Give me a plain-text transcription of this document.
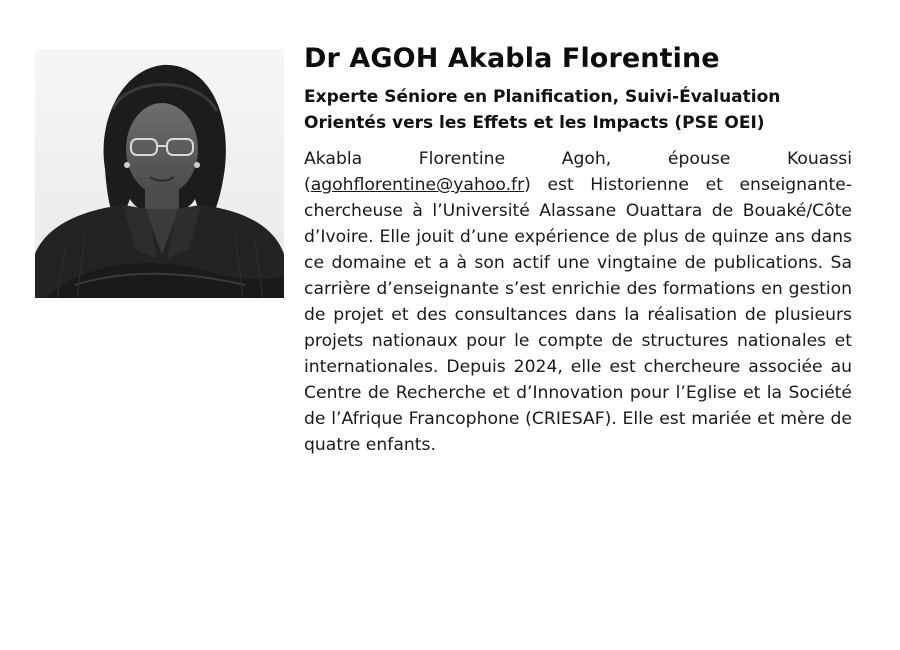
Dr AGOH Akabla Florentine
Experte Séniore en Planification, Suivi-Évaluation
Orientés vers les Effets et les Impacts (PSE OEI)

Akabla Florentine Agoh, épouse Kouassi (agohflorentine@yahoo.fr) est Historienne et enseignante-chercheuse à l’Université Alassane Ouattara de Bouaké/Côte d’Ivoire. Elle jouit d’une expérience de plus de quinze ans dans ce domaine et a à son actif une vingtaine de publications. Sa carrière d’enseignante s’est enrichie des formations en gestion de projet et des consultances dans la réalisation de plusieurs projets nationaux pour le compte de structures nationales et internationales. Depuis 2024, elle est chercheure associée au Centre de Recherche et d’Innovation pour l’Eglise et la Société de l’Afrique Francophone (CRIESAF). Elle est mariée et mère de quatre enfants.
